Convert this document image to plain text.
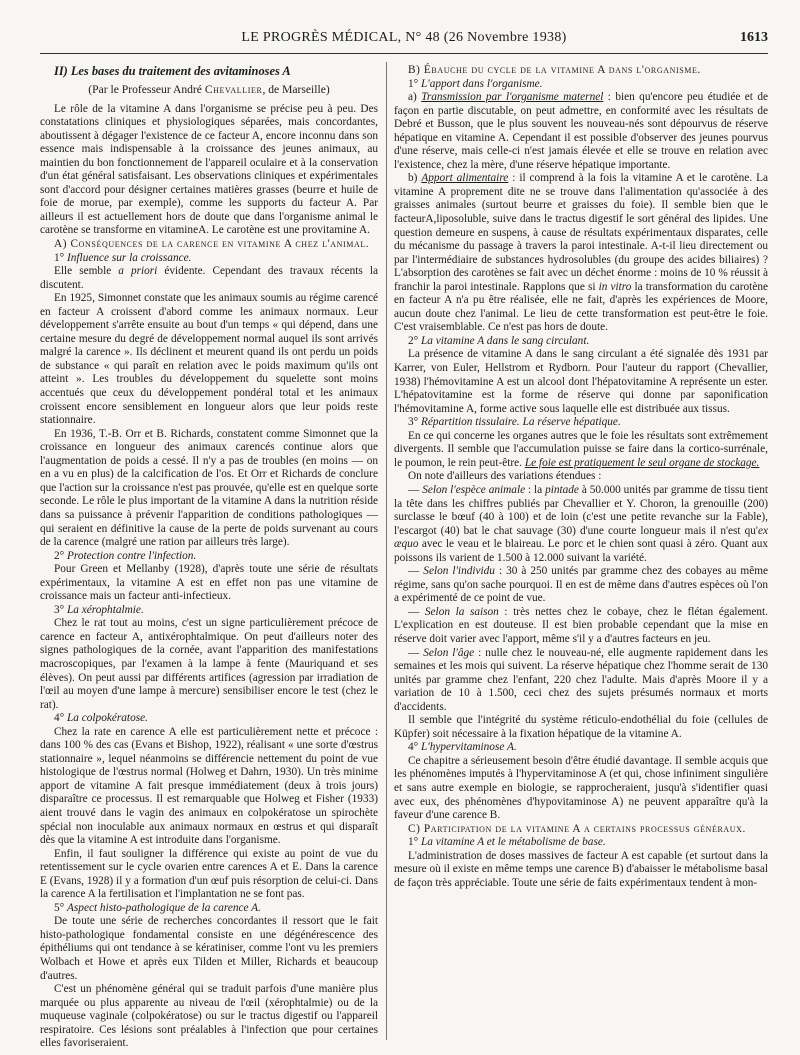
LE PROGRÈS MÉDICAL, N° 48 (26 Novembre 1938)	1613
II) Les bases du traitement des avitaminoses A
(Par le Professeur André Chevallier, de Marseille)

Le rôle de la vitamine A dans l'organisme se précise peu à peu. Des constatations cliniques et physiologiques séparées, mais concordantes, aboutissent à dégager l'existence de ce facteur A, encore inconnu dans son essence mais indispensable à la croissance des jeunes animaux, au maintien du bon fonctionnement de l'appareil oculaire et à la conservation d'un état général satisfaisant. Les observations cliniques et expérimentales sont d'accord pour désigner certaines matières grasses (beurre et huile de foie de morue, par exemple), comme les supports du facteur A. Par ailleurs il est actuellement hors de doute que dans l'organisme animal le carotène se transforme en vitamineA. Le carotène est une provitamine A.

A) Conséquences de la carence en vitamine A chez l'animal.

1° Influence sur la croissance.

Elle semble a priori évidente. Cependant des travaux récents la discutent.

En 1925, Simonnet constate que les animaux soumis au régime carencé en facteur A croissent d'abord comme les animaux normaux. Leur développement s'arrête ensuite au bout d'un temps « qui dépend, dans une certaine mesure du degré de développement normal auquel ils sont arrivés malgré la carence ». Ils déclinent et meurent quand ils ont perdu un poids de substance « qui paraît en relation avec le poids maximum qu'ils ont atteint ». Les troubles du développement du squelette sont moins accentués que ceux du développement pondéral total et les animaux croissent encore sensiblement en longueur alors que leur poids reste stationnaire.

En 1936, T.-B. Orr et B. Richards, constatent comme Simonnet que la croissance en longueur des animaux carencés continue alors que l'augmentation de poids a cessé. Il n'y a pas de troubles (en moins — on en a vu en plus) de la calcification de l'os. Et Orr et Richards de conclure que l'action sur la croissance n'est pas prouvée, qu'elle est en quelque sorte seconde. Le rôle le plus important de la vitamine A dans la nutrition réside dans sa puissance à prévenir l'apparition de conditions pathologiques — qui seraient en définitive la cause de la perte de poids survenant au cours de la carence (malgré une ration par ailleurs très large).

2° Protection contre l'infection.

Pour Green et Mellanby (1928), d'après toute une série de résultats expérimentaux, la vitamine A est en effet non pas une vitamine de croissance mais un facteur anti-infectieux.

3° La xérophtalmie.

Chez le rat tout au moins, c'est un signe particulièrement précoce de carence en facteur A, antixérophtalmique. On peut d'ailleurs noter des signes pathologiques de la cornée, avant l'apparition des manifestations macroscopiques, par l'examen à la lampe à fente (Mauriquand et ses élèves). On peut aussi par différents artifices (agression par irradiation de l'œil au moyen d'une lampe à mercure) sensibiliser encore le test (chez le rat).

4° La colpokératose.

Chez la rate en carence A elle est particulièrement nette et précoce : dans 100 % des cas (Evans et Bishop, 1922), réalisant « une sorte d'œstrus stationnaire », lequel néanmoins se différencie nettement du point de vue histologique de l'œstrus normal (Holweg et Dahrn, 1930). Un très minime apport de vitamine A fait presque immédiatement (deux à trois jours) disparaître ce processus. Il est remarquable que Holweg et Fisher (1933) aient trouvé dans le vagin des animaux en colpokératose un spirochète spécial non inoculable aux animaux normaux en œstrus et qui disparaît dès que la vitamine A est introduite dans l'organisme.

Enfin, il faut souligner la différence qui existe au point de vue du retentissement sur le cycle ovarien entre carences A et E. Dans la carence E (Evans, 1928) il y a formation d'un œuf puis résorption de celui-ci. Dans la carence A la fertilisation et l'implantation ne se font pas.

5° Aspect histo-pathologique de la carence A.

De toute une série de recherches concordantes il ressort que le fait histo-pathologique fondamental consiste en une dégénérescence des épithéliums qui ont tendance à se kératiniser, comme l'ont vu les premiers Wolbach et Howe et après eux Tilden et Miller, Richards et beaucoup d'autres.

C'est un phénomène général qui se traduit parfois d'une manière plus marquée ou plus apparente au niveau de l'œil (xérophtalmie) ou de la muqueuse vaginale (colpokératose) ou sur le tractus digestif ou l'appareil respiratoire. Ces lésions sont préalables à l'infection que pour certaines elles favoriseraient.

B) Ébauche du cycle de la vitamine A dans l'organisme.

1° L'apport dans l'organisme.

a) Transmission par l'organisme maternel : bien qu'encore peu étudiée et de façon en partie discutable, on peut admettre, en conformité avec les résultats de Debré et Busson, que le plus souvent les nouveau-nés sont dépourvus de réserve hépatique en vitamine A. Cependant il est possible d'observer des jeunes pourvus d'une réserve, mais celle-ci n'est jamais élevée et elle se trouve en relation avec l'existence, chez la mère, d'une réserve hépatique importante.

b) Apport alimentaire : il comprend à la fois la vitamine A et le carotène. La vitamine A proprement dite ne se trouve dans l'alimentation qu'associée à des graisses animales (surtout beurre et graisses du foie). Il semble bien que le facteurA,liposoluble, suive dans le tractus digestif le sort général des lipides. Une question demeure en suspens, à cause de résultats expérimentaux disparates, celle du mécanisme du passage à travers la paroi intestinale. A-t-il lieu directement ou par l'intermédiaire de substances hydrosolubles (du groupe des acides biliaires) ? L'absorption des carotènes se fait avec un déchet énorme : moins de 10 % réussit à franchir la paroi intestinale. Rapplons que si in vitro la transformation du carotène en facteur A n'a pu être réalisée, elle ne fait, d'après les expériences de Moore, aucun doute chez l'animal. Le lieu de cette transformation est peut-être le foie. C'est vraisemblable. Ce n'est pas hors de doute.

2° La vitamine A dans le sang circulant.

La présence de vitamine A dans le sang circulant a été signalée dès 1931 par Karrer, von Euler, Hellstrom et Rydborn. Pour l'auteur du rapport (Chevallier, 1938) l'hémovitamine A est un alcool dont l'hépatovitamine A représente un ester. L'hépatovitamine est la forme de réserve qui donne par saponification l'hémovitamine A, forme active sous laquelle elle est distribuée aux tissus.

3° Répartition tissulaire. La réserve hépatique.

En ce qui concerne les organes autres que le foie les résultats sont extrêmement divergents. Il semble que l'accumulation puisse se faire dans la cortico-surrénale, le poumon, le rein peut-être. Le foie est pratiquement le seul organe de stockage.

On note d'ailleurs des variations étendues :

— Selon l'espèce animale : la pintade à 50.000 unités par gramme de tissu tient la tête dans les chiffres publiés par Chevallier et Y. Choron, la grenouille (200) surclasse le bœuf (40 à 100) et de loin (c'est une petite revanche sur la Fable), l'escargot (40) bat le chat sauvage (30) d'une courte longueur mais il n'est qu'ex æquo avec le veau et le blaireau. Le porc et le chien sont quasi à zéro. Quant aux poissons ils varient de 1.500 à 12.000 suivant la variété.

— Selon l'individu : 30 à 250 unités par gramme chez des cobayes au même régime, sans qu'on sache pourquoi. Il en est de même dans d'autres espèces où l'on a expérimenté de ce point de vue.

— Selon la saison : très nettes chez le cobaye, chez le flétan également. L'explication en est douteuse. Il est bien probable cependant que la mise en réserve doit varier avec l'apport, même s'il y a d'autres facteurs en jeu.

— Selon l'âge : nulle chez le nouveau-né, elle augmente rapidement dans les semaines et les mois qui suivent. La réserve hépatique chez l'homme serait de 130 unités par gramme chez l'enfant, 220 chez l'adulte. Mais d'après Moore il y a variation de 10 à 1.500, ceci chez des sujets présumés normaux et morts d'accidents.

Il semble que l'intégrité du système réticulo-endothélial du foie (cellules de Küpfer) soit nécessaire à la fixation hépatique de la vitamine A.

4° L'hypervitaminose A.

Ce chapitre a sérieusement besoin d'être étudié davantage. Il semble acquis que les phénomènes imputés à l'hypervitaminose A (et qui, chose infiniment singulière et sans autre exemple en biologie, se rapprocheraient, jusqu'à s'identifier quasi avec eux, des phénomènes d'hypovitaminose A) ne peuvent apparaître qu'à la faveur d'une carence B.

C) Participation de la vitamine A a certains processus généraux.

1° La vitamine A et le métabolisme de base.

L'administration de doses massives de facteur A est capable (et surtout dans la mesure où il existe en même temps une carence B) d'abaisser le métabolisme basal de façon très appréciable. Toute une série de faits expérimentaux tendent à mon-
